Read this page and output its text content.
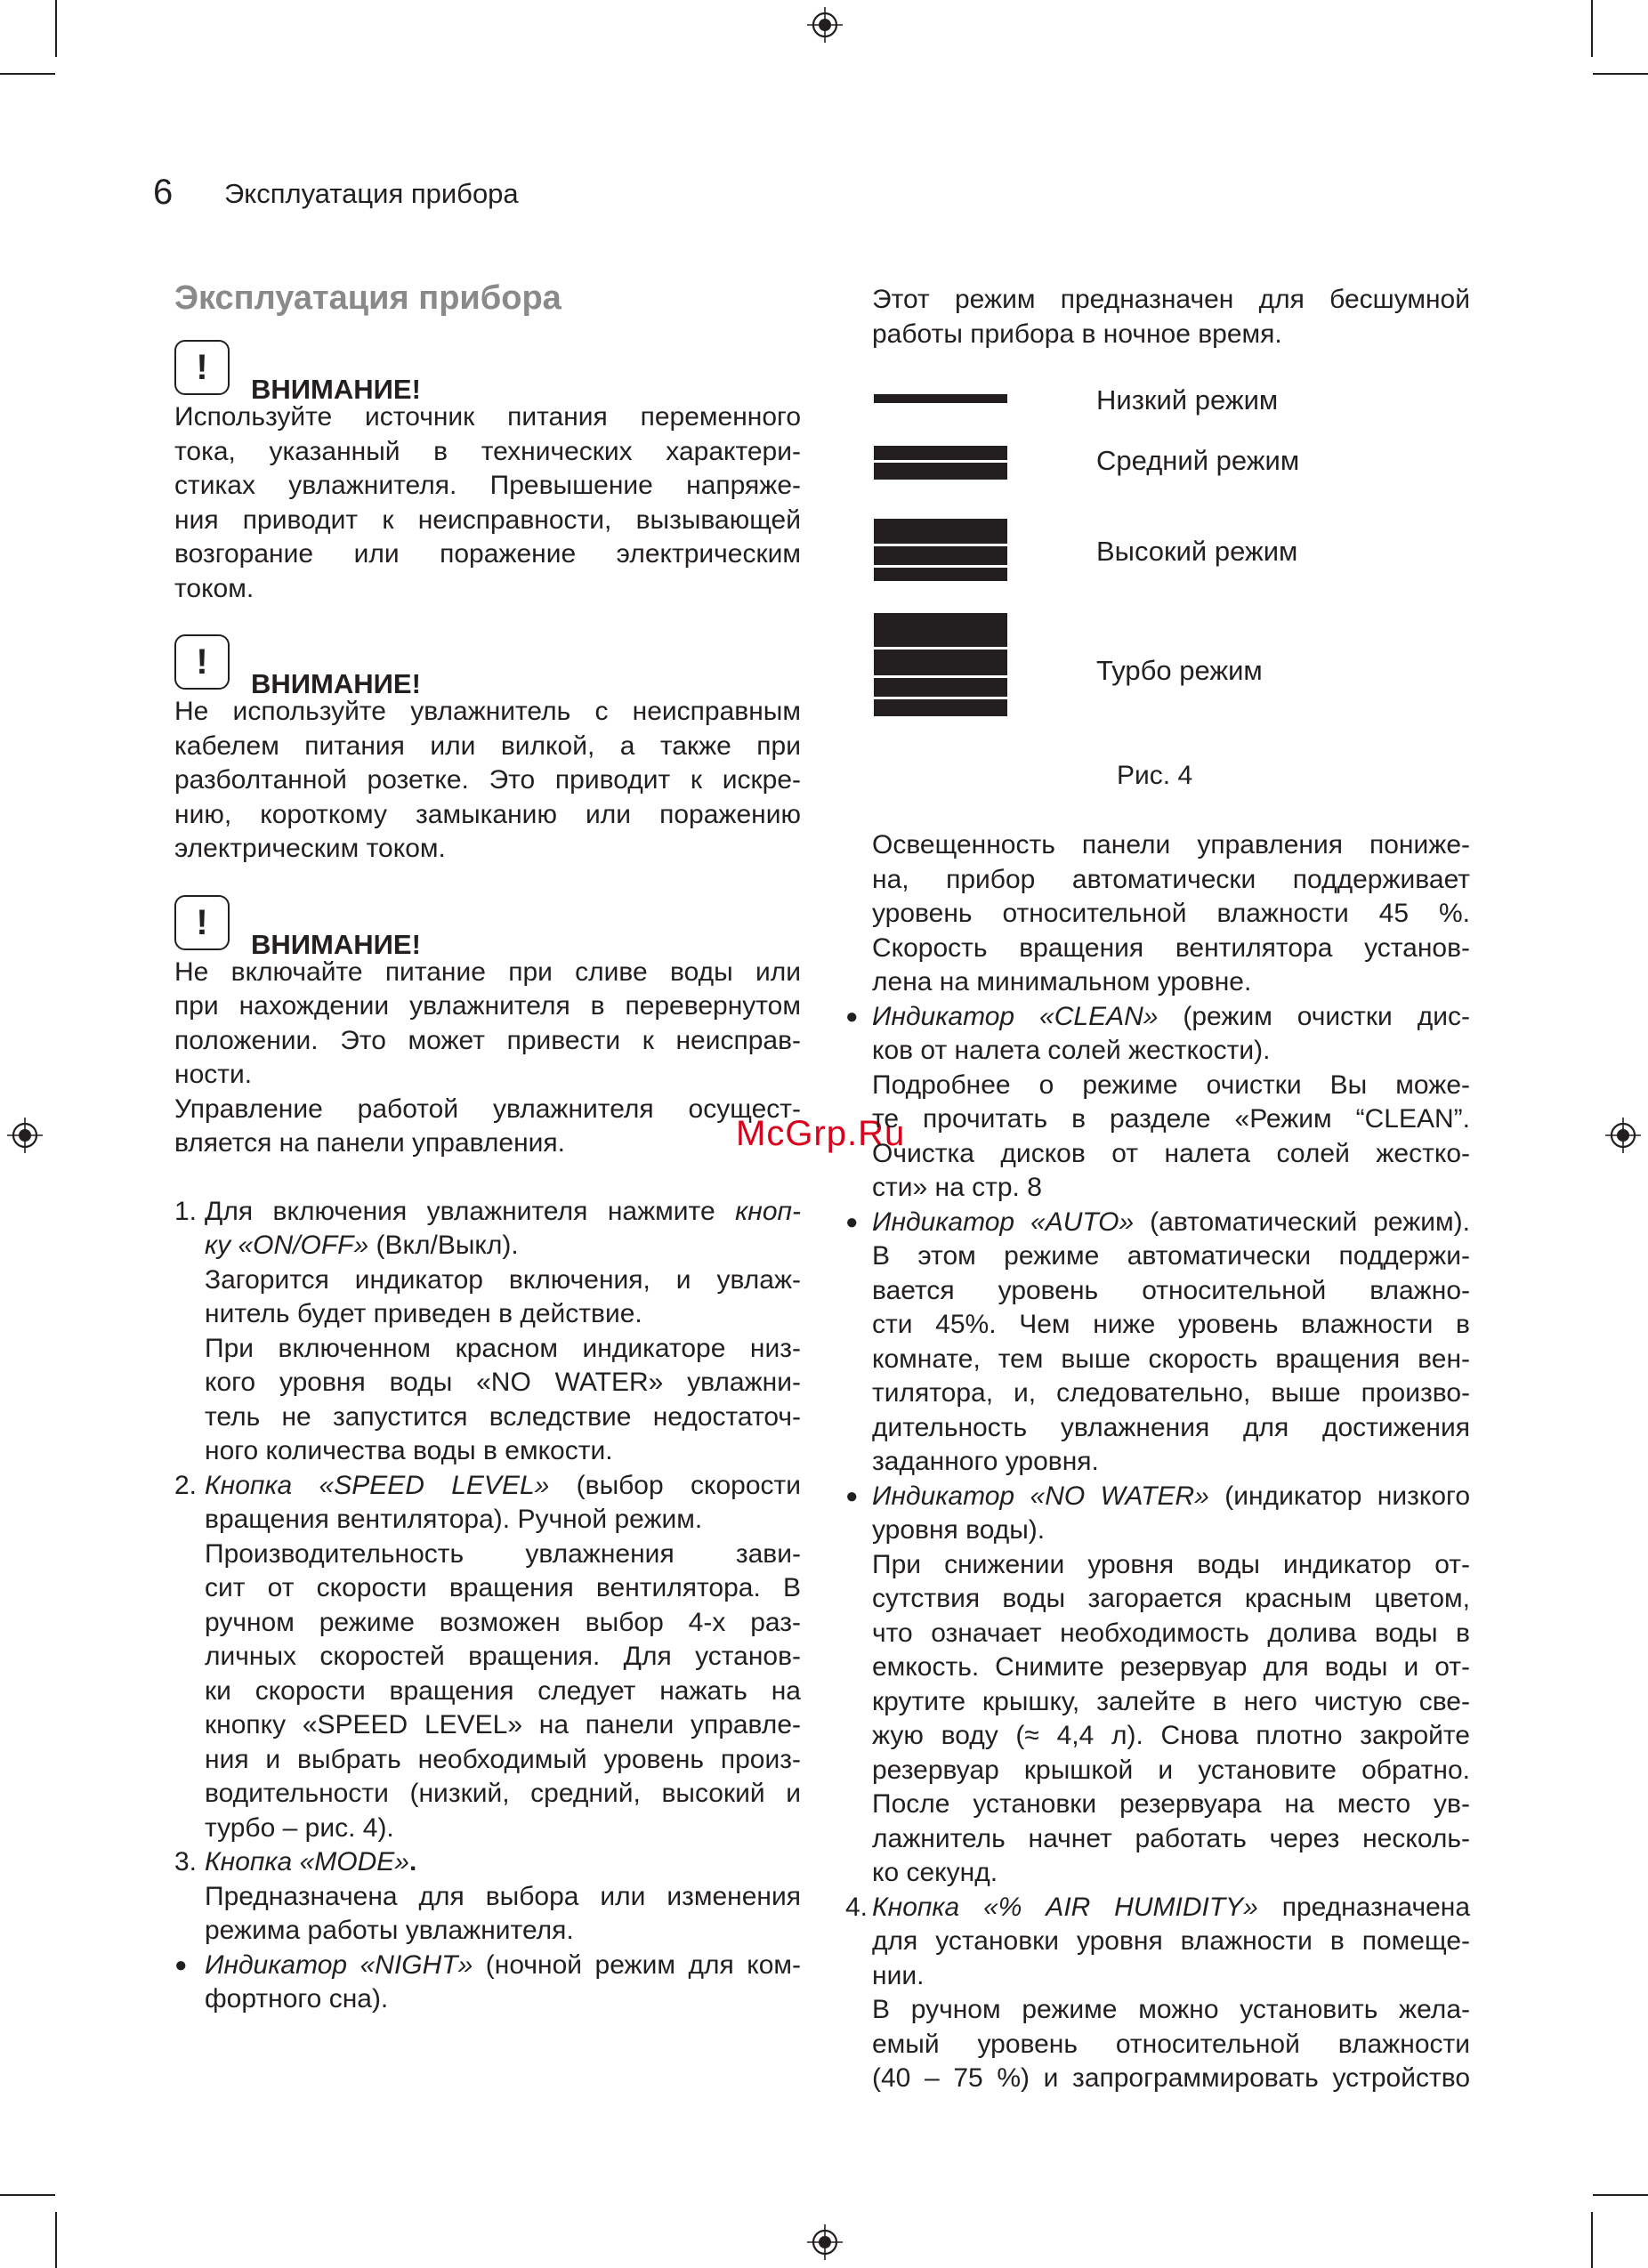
6 Эксплуатация прибора
Эксплуатация прибора
!
ВНИМАНИЕ!
Используйте источник питания переменного
тока, указанный в технических характери-
стиках увлажнителя. Превышение напряже-
ния приводит к неисправности, вызывающей
возгорание или поражение электрическим
током.
!
ВНИМАНИЕ!
Не используйте увлажнитель с неисправным
кабелем питания или вилкой, а также при
разболтанной розетке. Это приводит к искре-
нию, короткому замыканию или поражению
электрическим током.
!
ВНИМАНИЕ!
Не включайте питание при сливе воды или
при нахождении увлажнителя в перевернутом
положении. Это может привести к неисправ-
ности.
Управление работой увлажнителя осущест-
вляется на панели управления.
1. Для включения увлажнителя нажмите кноп-
ку «ON/OFF» (Вкл/Выкл).
Загорится индикатор включения, и увлаж-
нитель будет приведен в действие.
При включенном красном индикаторе низ-
кого уровня воды «NO WATER» увлажни-
тель не запустится вследствие недостаточ-
ного количества воды в емкости.
2. Кнопка «SPEED LEVEL» (выбор скорости
вращения вентилятора). Ручной режим.
Производительность увлажнения зави-
сит от скорости вращения вентилятора. В
ручном режиме возможен выбор 4-х раз-
личных скоростей вращения. Для установ-
ки скорости вращения следует нажать на
кнопку «SPEED LEVEL» на панели управле-
ния и выбрать необходимый уровень произ-
водительности (низкий, средний, высокий и
турбо – рис. 4).
3. Кнопка «MODE».
Предназначена для выбора или изменения
режима работы увлажнителя.
● Индикатор «NIGHT» (ночной режим для ком-
фортного сна).
McGrp.Ru
Этот режим предназначен для бесшумной
работы прибора в ночное время.
Низкий режим
Средний режим
Высокий режим
Турбо режим
Рис. 4
Освещенность панели управления пониже-
на, прибор автоматически поддерживает
уровень относительной влажности 45 %.
Скорость вращения вентилятора установ-
лена на минимальном уровне.
● Индикатор «CLEAN» (режим очистки дис-
ков от налета солей жесткости).
Подробнее о режиме очистки Вы може-
те прочитать в разделе «Режим “CLEAN”.
Очистка дисков от налета солей жестко-
сти» на стр. 8
● Индикатор «AUTO» (автоматический режим).
В этом режиме автоматически поддержи-
вается уровень относительной влажно-
сти 45%. Чем ниже уровень влажности в
комнате, тем выше скорость вращения вен-
тилятора, и, следовательно, выше произво-
дительность увлажнения для достижения
заданного уровня.
● Индикатор «NO WATER» (индикатор низкого
уровня воды).
При снижении уровня воды индикатор от-
сутствия воды загорается красным цветом,
что означает необходимость долива воды в
емкость. Снимите резервуар для воды и от-
крутите крышку, залейте в него чистую све-
жую воду (≈ 4,4 л). Снова плотно закройте
резервуар крышкой и установите обратно.
После установки резервуара на место ув-
лажнитель начнет работать через несколь-
ко секунд.
4. Кнопка «% AIR HUMIDITY» предназначена
для установки уровня влажности в помеще-
нии.
В ручном режиме можно установить жела-
емый уровень относительной влажности
(40 – 75 %) и запрограммировать устройство
